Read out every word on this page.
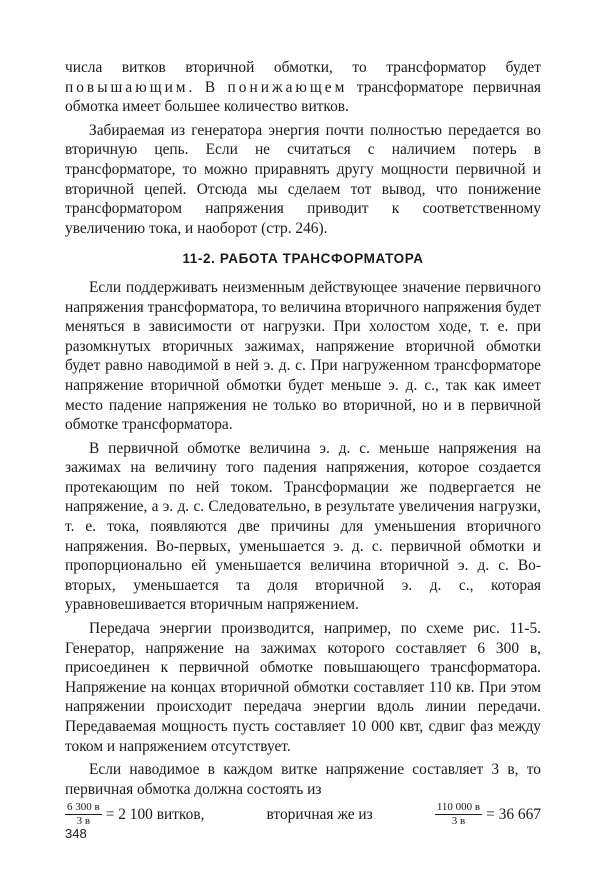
числа витков вторичной обмотки, то трансформатор будет повышающим. В понижающем трансформаторе первичная обмотка имеет большее количество витков.

Забираемая из генератора энергия почти полностью передается во вторичную цепь. Если не считаться с наличием потерь в трансформаторе, то можно приравнять другу мощности первичной и вторичной цепей. Отсюда мы сделаем тот вывод, что понижение трансформатором напряжения приводит к соответственному увеличению тока, и наоборот (стр. 246).

11-2. РАБОТА ТРАНСФОРМАТОРА

Если поддерживать неизменным действующее значение первичного напряжения трансформатора, то величина вторичного напряжения будет меняться в зависимости от нагрузки. При холостом ходе, т. е. при разомкнутых вторичных зажимах, напряжение вторичной обмотки будет равно наводимой в ней э. д. с. При нагруженном трансформаторе напряжение вторичной обмотки будет меньше э. д. с., так как имеет место падение напряжения не только во вторичной, но и в первичной обмотке трансформатора.

В первичной обмотке величина э. д. с. меньше напряжения на зажимах на величину того падения напряжения, которое создается протекающим по ней током. Трансформации же подвергается не напряжение, а э. д. с. Следовательно, в результате увеличения нагрузки, т. е. тока, появляются две причины для уменьшения вторичного напряжения. Во-первых, уменьшается э. д. с. первичной обмотки и пропорционально ей уменьшается величина вторичной э. д. с. Во-вторых, уменьшается та доля вторичной э. д. с., которая уравновешивается вторичным напряжением.

Передача энергии производится, например, по схеме рис. 11-5. Генератор, напряжение на зажимах которого составляет 6 300 в, присоединен к первичной обмотке повышающего трансформатора. Напряжение на концах вторичной обмотки составляет 110 кв. При этом напряжении происходит передача энергии вдоль линии передачи. Передаваемая мощность пусть составляет 10 000 квт, сдвиг фаз между током и напряжением отсутствует.

Если наводимое в каждом витке напряжение составляет 3 в, то первичная обмотка должна состоять из

$\frac{6 300 в}{3 в} = 2$ 100 витков,	вторичная же из	$\frac{110 000 в}{3 в} = 36$ 667
348
